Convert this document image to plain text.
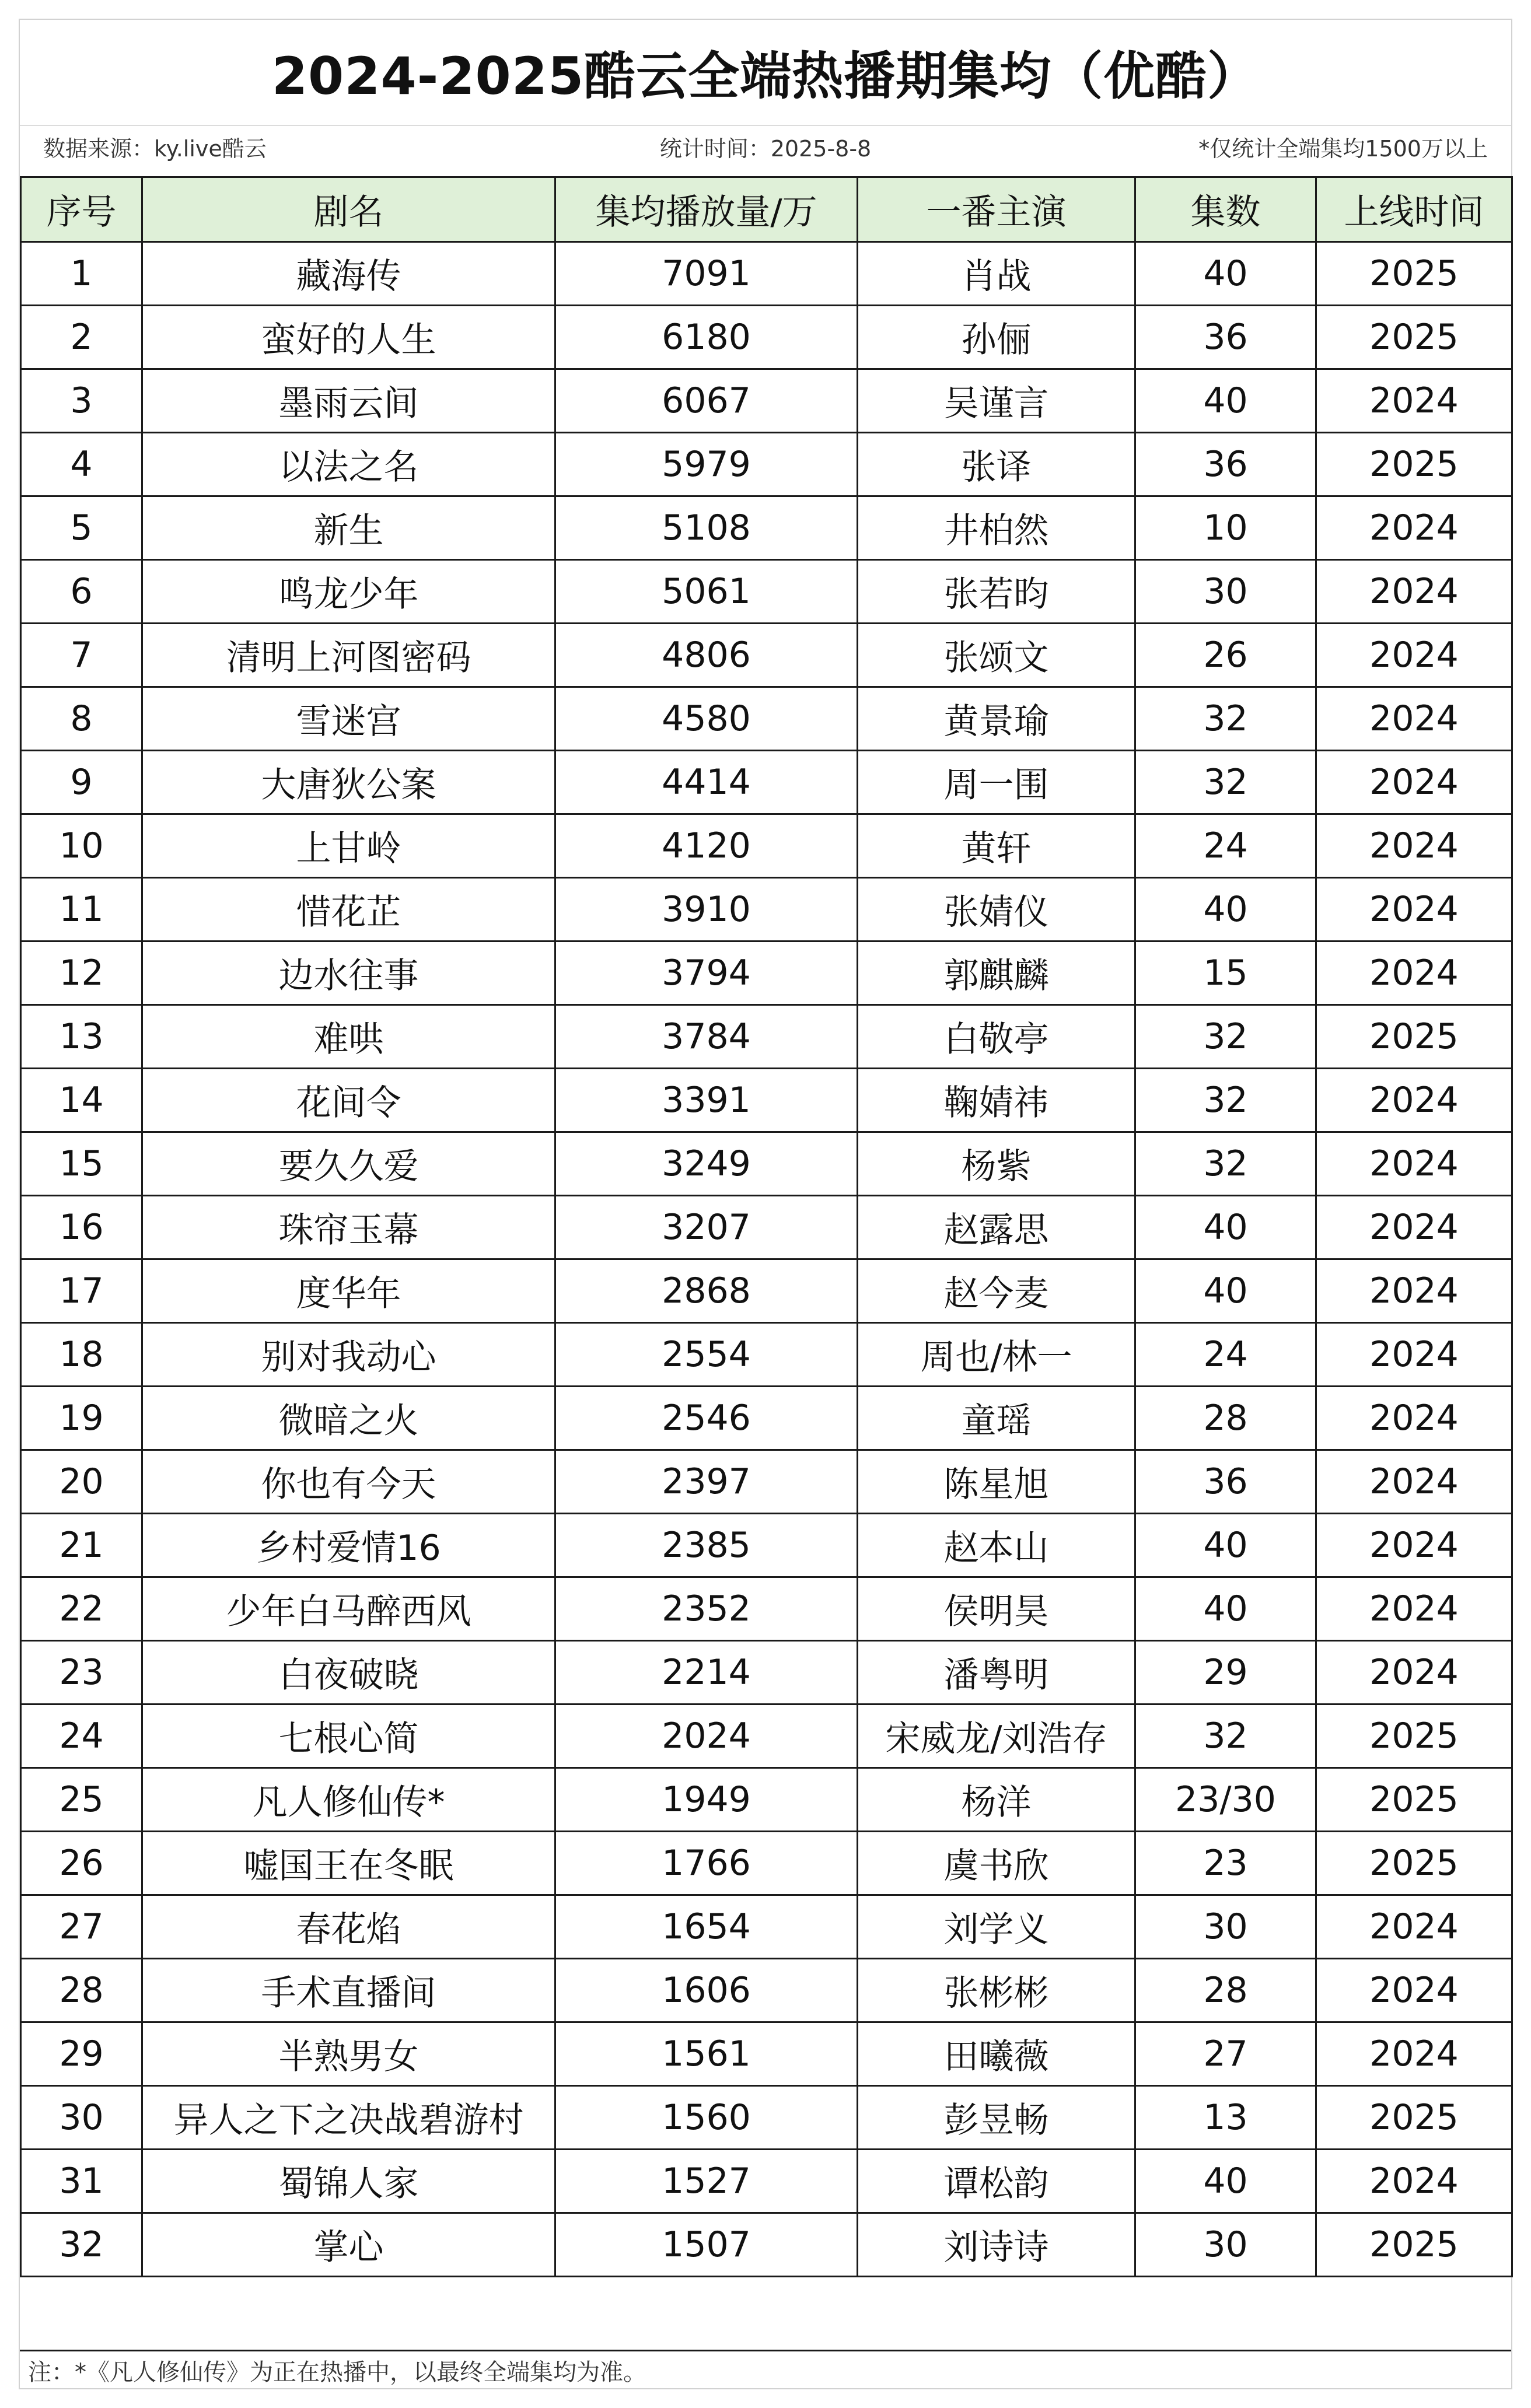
2024-2025酷云全端热播期集均（优酷）
数据来源：ky.live酷云	统计时间：2025-8-8	*仅统计全端集均1500万以上
序号	剧名	集均播放量/万	一番主演	集数	上线时间
1	藏海传	7091	肖战	40	2025
2	蛮好的人生	6180	孙俪	36	2025
3	墨雨云间	6067	吴谨言	40	2024
4	以法之名	5979	张译	36	2025
5	新生	5108	井柏然	10	2024
6	鸣龙少年	5061	张若昀	30	2024
7	清明上河图密码	4806	张颂文	26	2024
8	雪迷宫	4580	黄景瑜	32	2024
9	大唐狄公案	4414	周一围	32	2024
10	上甘岭	4120	黄轩	24	2024
11	惜花芷	3910	张婧仪	40	2024
12	边水往事	3794	郭麒麟	15	2024
13	难哄	3784	白敬亭	32	2025
14	花间令	3391	鞠婧祎	32	2024
15	要久久爱	3249	杨紫	32	2024
16	珠帘玉幕	3207	赵露思	40	2024
17	度华年	2868	赵今麦	40	2024
18	别对我动心	2554	周也/林一	24	2024
19	微暗之火	2546	童瑶	28	2024
20	你也有今天	2397	陈星旭	36	2024
21	乡村爱情16	2385	赵本山	40	2024
22	少年白马醉西风	2352	侯明昊	40	2024
23	白夜破晓	2214	潘粤明	29	2024
24	七根心简	2024	宋威龙/刘浩存	32	2025
25	凡人修仙传*	1949	杨洋	23/30	2025
26	嘘国王在冬眠	1766	虞书欣	23	2025
27	春花焰	1654	刘学义	30	2024
28	手术直播间	1606	张彬彬	28	2024
29	半熟男女	1561	田曦薇	27	2024
30	异人之下之决战碧游村	1560	彭昱畅	13	2025
31	蜀锦人家	1527	谭松韵	40	2024
32	掌心	1507	刘诗诗	30	2025
注：*《凡人修仙传》为正在热播中，以最终全端集均为准。
